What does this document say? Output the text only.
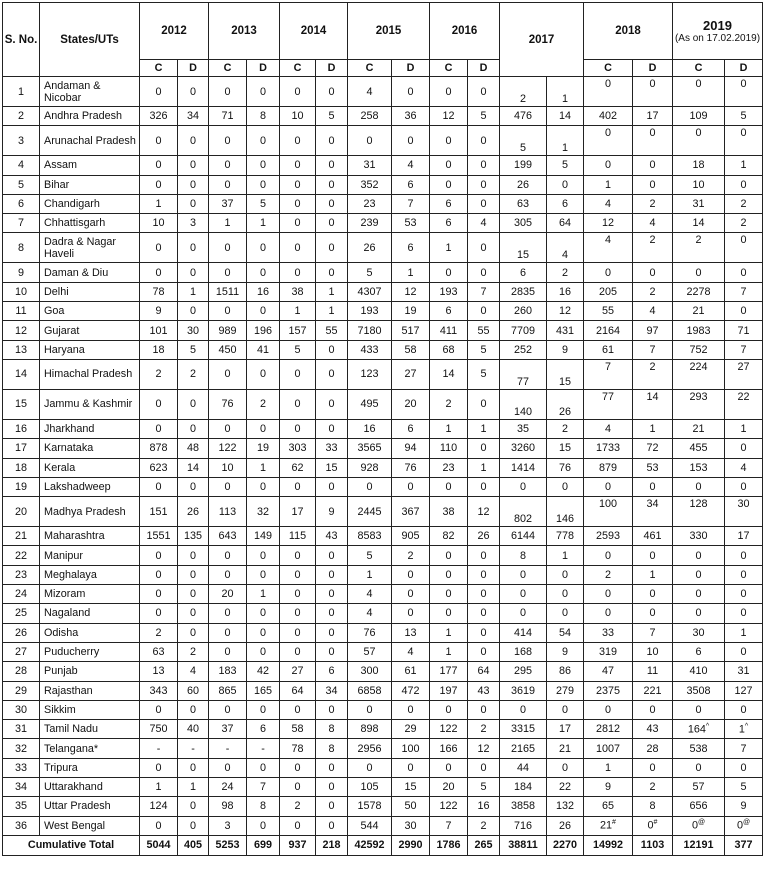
S. No.	States/UTs	2012		2013		2014		2015		2016		2017		2018		2019
(As on 17.02.2019)	

		C	D	C	D	C	D	C	D	C	D			C	D	C	D
1	Andaman & Nicobar	0	0	0	0	0	0	4	0	0	0	2	1	0	0	0	0
2	Andhra Pradesh	326	34	71	8	10	5	258	36	12	5	476	14	402	17	109	5
3	Arunachal Pradesh	0	0	0	0	0	0	0	0	0	0	5	1	0	0	0	0
4	Assam	0	0	0	0	0	0	31	4	0	0	199	5	0	0	18	1
5	Bihar	0	0	0	0	0	0	352	6	0	0	26	0	1	0	10	0
6	Chandigarh	1	0	37	5	0	0	23	7	6	0	63	6	4	2	31	2
7	Chhattisgarh	10	3	1	1	0	0	239	53	6	4	305	64	12	4	14	2
8	Dadra & Nagar Haveli	0	0	0	0	0	0	26	6	1	0	15	4	4	2	2	0
9	Daman & Diu	0	0	0	0	0	0	5	1	0	0	6	2	0	0	0	0
10	Delhi	78	1	1511	16	38	1	4307	12	193	7	2835	16	205	2	2278	7
11	Goa	9	0	0	0	1	1	193	19	6	0	260	12	55	4	21	0
12	Gujarat	101	30	989	196	157	55	7180	517	411	55	7709	431	2164	97	1983	71
13	Haryana	18	5	450	41	5	0	433	58	68	5	252	9	61	7	752	7
14	Himachal Pradesh	2	2	0	0	0	0	123	27	14	5	77	15	7	2	224	27
15	Jammu & Kashmir	0	0	76	2	0	0	495	20	2	0	140	26	77	14	293	22
16	Jharkhand	0	0	0	0	0	0	16	6	1	1	35	2	4	1	21	1
17	Karnataka	878	48	122	19	303	33	3565	94	110	0	3260	15	1733	72	455	0
18	Kerala	623	14	10	1	62	15	928	76	23	1	1414	76	879	53	153	4
19	Lakshadweep	0	0	0	0	0	0	0	0	0	0	0	0	0	0	0	0
20	Madhya Pradesh	151	26	113	32	17	9	2445	367	38	12	802	146	100	34	128	30
21	Maharashtra	1551	135	643	149	115	43	8583	905	82	26	6144	778	2593	461	330	17
22	Manipur	0	0	0	0	0	0	5	2	0	0	8	1	0	0	0	0
23	Meghalaya	0	0	0	0	0	0	1	0	0	0	0	0	2	1	0	0
24	Mizoram	0	0	20	1	0	0	4	0	0	0	0	0	0	0	0	0
25	Nagaland	0	0	0	0	0	0	4	0	0	0	0	0	0	0	0	0
26	Odisha	2	0	0	0	0	0	76	13	1	0	414	54	33	7	30	1
27	Puducherry	63	2	0	0	0	0	57	4	1	0	168	9	319	10	6	0
28	Punjab	13	4	183	42	27	6	300	61	177	64	295	86	47	11	410	31
29	Rajasthan	343	60	865	165	64	34	6858	472	197	43	3619	279	2375	221	3508	127
30	Sikkim	0	0	0	0	0	0	0	0	0	0	0	0	0	0	0	0
31	Tamil Nadu	750	40	37	6	58	8	898	29	122	2	3315	17	2812	43	164^	1^
32	Telangana*	-	-	-	-	78	8	2956	100	166	12	2165	21	1007	28	538	7
33	Tripura	0	0	0	0	0	0	0	0	0	0	44	0	1	0	0	0
34	Uttarakhand	1	1	24	7	0	0	105	15	20	5	184	22	9	2	57	5
35	Uttar Pradesh	124	0	98	8	2	0	1578	50	122	16	3858	132	65	8	656	9
36	West Bengal	0	0	3	0	0	0	544	30	7	2	716	26	21#	0#	0@	0@
Cumulative Total		5044	405	5253	699	937	218	42592	2990	1786	265	38811	2270	14992	1103	12191	377
